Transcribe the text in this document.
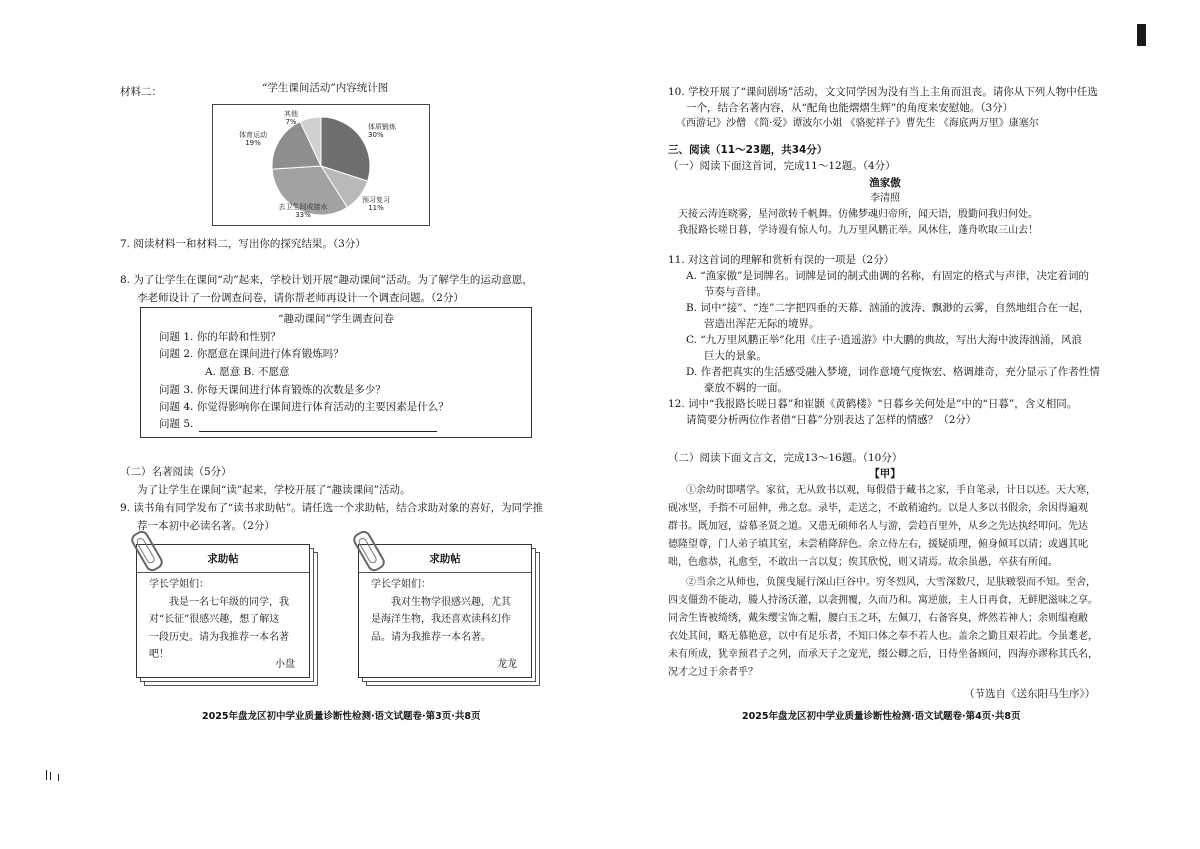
材料二：	“学生课间活动”内容统计图
体质锻炼
30%
预习复习
11%
去卫生间或接水
33%
体育运动
19%
其他
7%
7. 阅读材料一和材料二，写出你的探究结果。（3分）
8. 为了让学生在课间“动”起来，学校计划开展“趣动课间”活动。为了解学生的运动意愿，
李老师设计了一份调查问卷，请你帮老师再设计一个调查问题。（2分）
“趣动课间”学生调查问卷
问题 1. 你的年龄和性别？
问题 2. 你愿意在课间进行体育锻炼吗？
A. 愿意 B. 不愿意
问题 3. 你每天课间进行体育锻炼的次数是多少？
问题 4. 你觉得影响你在课间进行体育活动的主要因素是什么？
问题 5.
（二）名著阅读（5分）
为了让学生在课间“读”起来，学校开展了“趣读课间”活动。
9. 读书角有同学发布了“读书求助帖”。请任选一个求助帖，结合求助对象的喜好，为同学推
荐一本初中必读名著。（2分）
求助帖
学长学姐们：
我是一名七年级的同学，我
对“长征”很感兴趣，想了解这
一段历史。请为我推荐一本名著
吧！
小盘
求助帖
学长学姐们：
我对生物学很感兴趣，尤其
是海洋生物，我还喜欢读科幻作
品。请为我推荐一本名著。
龙龙
2025年盘龙区初中学业质量诊断性检测·语文试题卷·第3页·共8页
10. 学校开展了“课间剧场”活动，文文同学因为没有当上主角而沮丧。请你从下列人物中任选
一个，结合名著内容，从“配角也能熠熠生辉”的角度来安慰她。（3分）
《西游记》沙僧 《简·爱》谭波尔小姐 《骆驼祥子》曹先生 《海底两万里》康塞尔
三、阅读（11～23题，共34分）
（一）阅读下面这首词，完成11～12题。（4分）
渔家傲
李清照
天接云涛连晓雾，星河欲转千帆舞。仿佛梦魂归帝所，闻天语，殷勤问我归何处。
我报路长嗟日暮，学诗谩有惊人句。九万里风鹏正举。风休住，蓬舟吹取三山去！
11. 对这首词的理解和赏析有误的一项是（2分）
A. “渔家傲”是词牌名。词牌是词的制式曲调的名称，有固定的格式与声律，决定着词的
节奏与音律。
B. 词中“接”、“连”二字把四垂的天幕、汹涌的波涛、飘渺的云雾，自然地组合在一起，
营造出浑茫无际的境界。
C. “九万里风鹏正举”化用《庄子·逍遥游》中大鹏的典故，写出大海中波涛汹涌，风浪
巨大的景象。
D. 作者把真实的生活感受融入梦境，词作意境气度恢宏、格调雄奇，充分显示了作者性情
豪放不羁的一面。
12. 词中“我报路长嗟日暮”和崔颢《黄鹤楼》“日暮乡关何处是”中的“日暮”，含义相同。
请简要分析两位作者借“日暮”分别表达了怎样的情感？（2分）
（二）阅读下面文言文，完成13～16题。（10分）
【甲】
①余幼时即嗜学。家贫，无从致书以观，每假借于藏书之家，手自笔录，计日以还。天大寒，
砚冰坚，手指不可屈伸，弗之怠。录毕，走送之，不敢稍逾约。以是人多以书假余，余因得遍观
群书。既加冠，益慕圣贤之道。又患无硕师名人与游，尝趋百里外，从乡之先达执经叩问。先达
德隆望尊，门人弟子填其室，未尝稍降辞色。余立侍左右，援疑质理，俯身倾耳以请；或遇其叱
咄，色愈恭，礼愈至，不敢出一言以复；俟其欣悦，则又请焉。故余虽愚，卒获有所闻。
②当余之从师也，负箧曳屣行深山巨谷中。穷冬烈风，大雪深数尺，足肤皲裂而不知。至舍，
四支僵劲不能动，媵人持汤沃灌，以衾拥覆，久而乃和。寓逆旅，主人日再食，无鲜肥滋味之享。
同舍生皆被绮绣，戴朱缨宝饰之帽，腰白玉之环，左佩刀，右备容臭，烨然若神人；余则缊袍敝
衣处其间，略无慕艳意，以中有足乐者，不知口体之奉不若人也。盖余之勤且艰若此。今虽耄老，
未有所成，犹幸预君子之列，而承天子之宠光，缀公卿之后，日侍坐备顾问，四海亦谬称其氏名，
况才之过于余者乎？
（节选自《送东阳马生序》）
2025年盘龙区初中学业质量诊断性检测·语文试题卷·第4页·共8页
